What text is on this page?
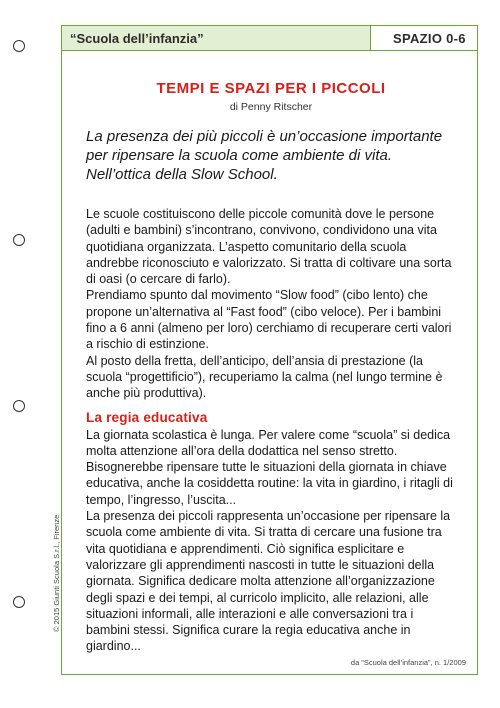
“Scuola dell’infanzia”	SPAZIO 0-6
TEMPI E SPAZI PER I PICCOLI
di Penny Ritscher

La presenza dei più piccoli è un’occasione importante per ripensare la scuola come ambiente di vita. Nell’ottica della Slow School.

Le scuole costituiscono delle piccole comunità dove le persone (adulti e bambini) s’incontrano, convivono, condividono una vita quotidiana organizzata. L’aspetto comunitario della scuola andrebbe riconosciuto e valorizzato. Si tratta di coltivare una sorta di oasi (o cercare di farlo).

Prendiamo spunto dal movimento “Slow food” (cibo lento) che propone un’alternativa al “Fast food” (cibo veloce). Per i bambini fino a 6 anni (almeno per loro) cerchiamo di recuperare certi valori a rischio di estinzione.

Al posto della fretta, dell’anticipo, dell’ansia di prestazione (la scuola “progettificio”), recuperiamo la calma (nel lungo termine è anche più produttiva).

La regia educativa

La giornata scolastica è lunga. Per valere come “scuola” si dedica molta attenzione all’ora della dodattica nel senso stretto. Bisognerebbe ripensare tutte le situazioni della giornata in chiave educativa, anche la cosiddetta routine: la vita in giardino, i ritagli di tempo, l’ingresso, l’uscita...

La presenza dei piccoli rappresenta un’occasione per ripensare la scuola come ambiente di vita. Si tratta di cercare una fusione tra vita quotidiana e apprendimenti. Ciò significa esplicitare e valorizzare gli apprendimenti nascosti in tutte le situazioni della giornata. Significa dedicare molta attenzione all’organizzazione degli spazi e dei tempi, al curricolo implicito, alle relazioni, alle situazioni informali, alle interazioni e alle conversazioni tra i bambini stessi. Significa curare la regia educativa anche in giardino...

© 2015 Giunti Scuola S.r.l., Firenze
da “Scuola dell’infanzia”, n. 1/2009
